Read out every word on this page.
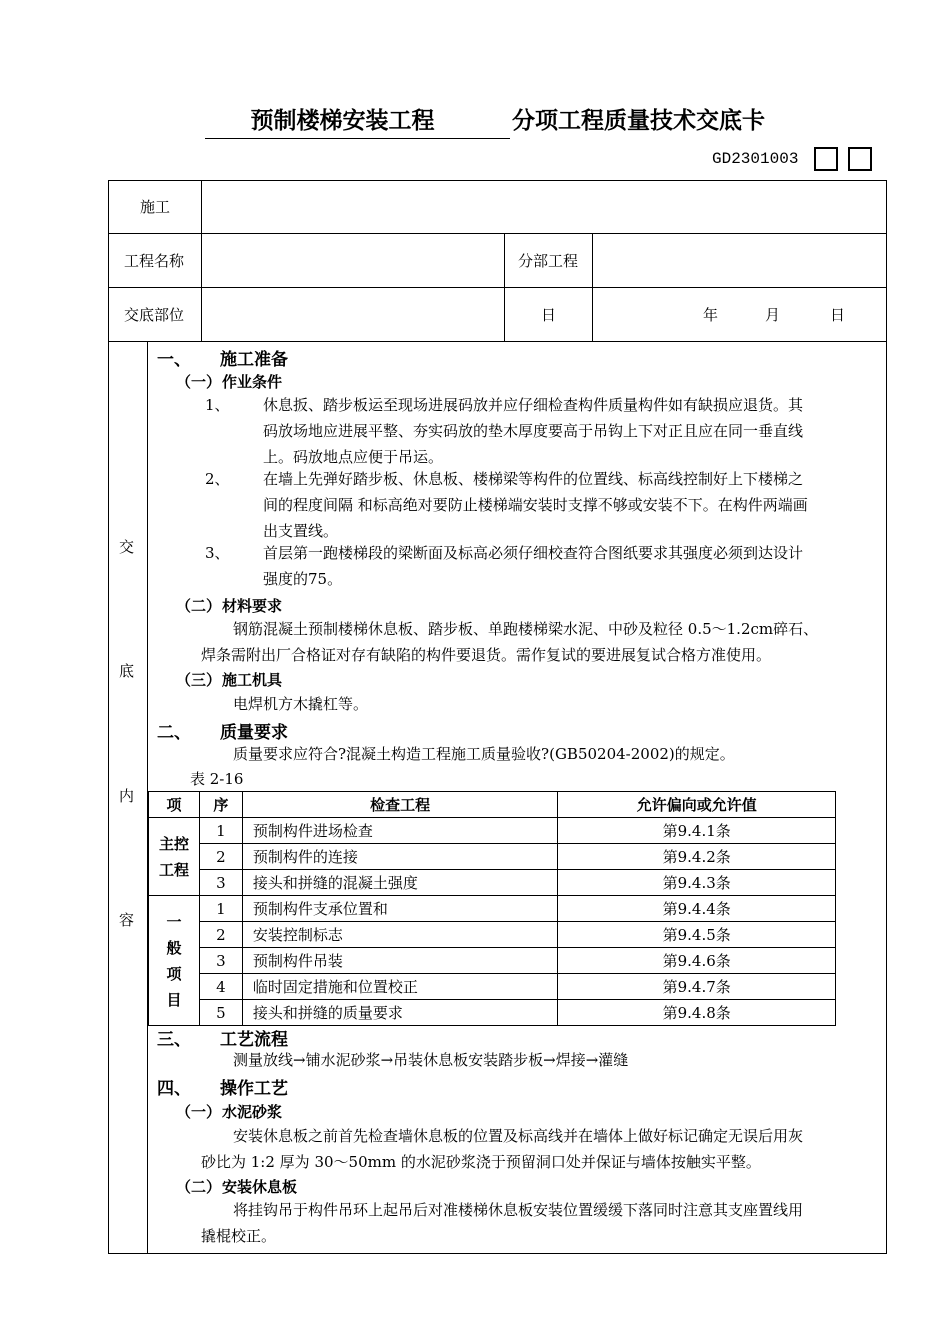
预制楼梯安装工程	分项工程质量技术交底卡
GD2301003
施工
工程名称	分部工程
交底部位	日	年	月	日
交
底
内
容
一、 施工准备
（一） 作业条件
1、 休息扳、踏步板运至现场进展码放并应仔细检查构件质量构件如有缺损应退货。其
码放场地应进展平整、夯实码放的垫木厚度要高于吊钩上下对正且应在同一垂直线
上。码放地点应便于吊运。
2、 在墙上先弹好踏步板、休息板、楼梯梁等构件的位置线、标高线控制好上下楼梯之
间的程度间隔 和标高绝对要防止楼梯端安装时支撑不够或安装不下。在构件两端画
出支置线。
3、 首层第一跑楼梯段的梁断面及标高必须仔细校查符合图纸要求其强度必须到达设计
强度的75。
（二） 材料要求
钢筋混凝土预制楼梯休息板、踏步板、单跑楼梯梁水泥、中砂及粒径 0.5～1.2cm碎石、
焊条需附出厂合格证对存有缺陷的构件要退货。需作复试的要进展复试合格方准使用。
（三） 施工机具
电焊机方木撬杠等。
二、 质量要求
质量要求应符合?混凝土构造工程施工质量验收?(GB50204-2002)的规定。
表 2-16
项	序	检查工程	允许偏向或允许值

主控工程	1	预制构件进场检查	第9.4.1条
	2	预制构件的连接	第9.4.2条
	3	接头和拼缝的混凝土强度	第9.4.3条

一般项目	1	预制构件支承位置和	第9.4.4条
	2	安装控制标志	第9.4.5条
	3	预制构件吊装	第9.4.6条
	4	临时固定措施和位置校正	第9.4.7条
	5	接头和拼缝的质量要求	第9.4.8条
三、 工艺流程
测量放线→铺水泥砂浆→吊装休息板安装踏步板→焊接→灌缝
四、 操作工艺
（一） 水泥砂浆
安装休息板之前首先检查墙休息板的位置及标高线并在墙体上做好标记确定无误后用灰
砂比为 1:2 厚为 30～50mm 的水泥砂浆浇于预留洞口处并保证与墙体按触实平整。
（二） 安装休息板
将挂钩吊于构件吊环上起吊后对准楼梯休息板安装位置缓缓下落同时注意其支座置线用
撬棍校正。
